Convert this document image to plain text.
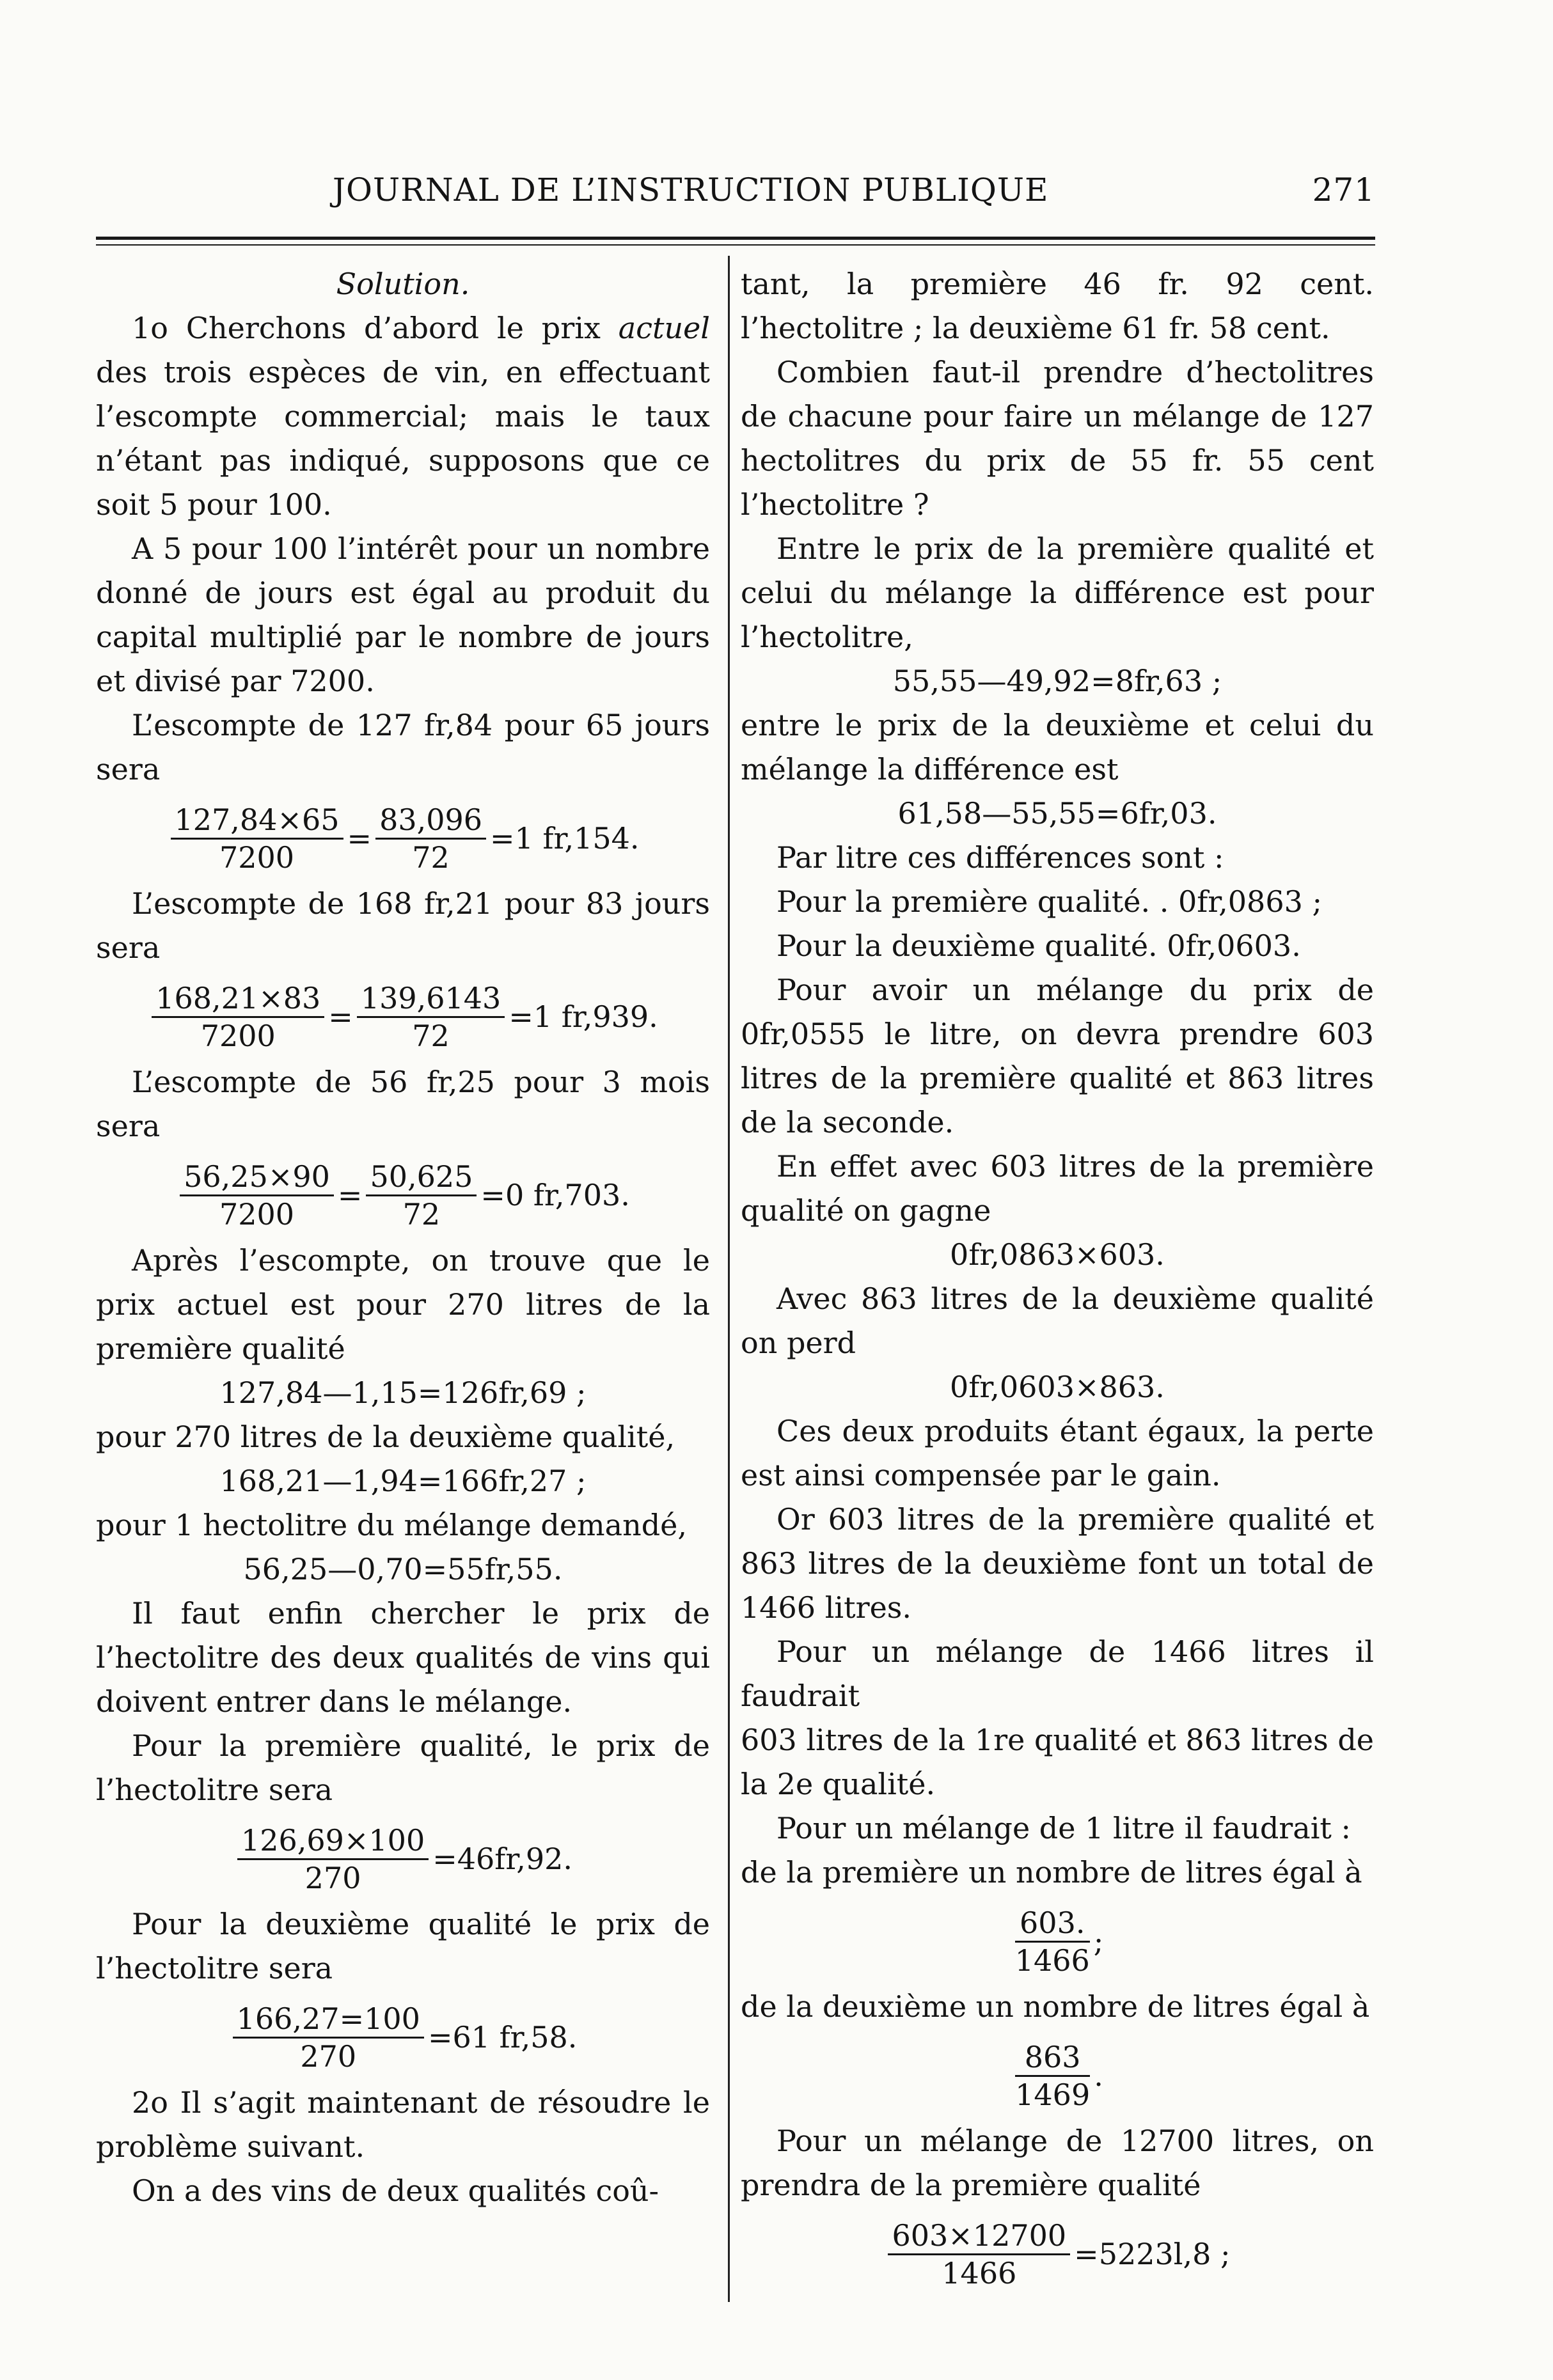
JOURNAL DE L’INSTRUCTION PUBLIQUE	271

Solution.

1o Cherchons d’abord le prix actuel des trois espèces de vin, en effectuant l’escompte commercial; mais le taux n’étant pas indiqué, supposons que ce soit 5 pour 100.

A 5 pour 100 l’intérêt pour un nombre donné de jours est égal au produit du capital multiplié par le nombre de jours et divisé par 7200.

L’escompte de 127 fr,84 pour 65 jours sera

$\frac{127,84\times 65}{7200} = \frac{83,096}{72} =1$ fr,154.

L’escompte de 168 fr,21 pour 83 jours sera

$\frac{168,21\times 83}{7200} = \frac{139,6143}{72} =1$ fr,939.

L’escompte de 56 fr,25 pour 3 mois sera

$\frac{56,25\times 90}{7200} = \frac{50,625}{72} =0$ fr,703.

Après l’escompte, on trouve que le prix actuel est pour 270 litres de la première qualité

127,84—1,15=126fr,69 ;

pour 270 litres de la deuxième qualité,

168,21—1,94=166fr,27 ;

pour 1 hectolitre du mélange demandé,

56,25—0,70=55fr,55.

Il faut enfin chercher le prix de l’hectolitre des deux qualités de vins qui doivent entrer dans le mélange.

Pour la première qualité, le prix de l’hectolitre sera

$\frac{126,69\times 100}{270} =46fr,92$.

Pour la deuxième qualité le prix de l’hectolitre sera

$\frac{166,27=100}{270} =61$ fr,58.

2o Il s’agit maintenant de résoudre le problème suivant.

On a des vins de deux qualités coû-

tant, la première 46 fr. 92 cent. l’hectolitre ; la deuxième 61 fr. 58 cent.

Combien faut-il prendre d’hectolitres de chacune pour faire un mélange de 127 hectolitres du prix de 55 fr. 55 cent l’hectolitre ?

Entre le prix de la première qualité et celui du mélange la différence est pour l’hectolitre,

55,55—49,92=8fr,63 ;

entre le prix de la deuxième et celui du mélange la différence est

61,58—55,55=6fr,03.

Par litre ces différences sont :

Pour la première qualité. . 0fr,0863 ;

Pour la deuxième qualité. 0fr,0603.

Pour avoir un mélange du prix de 0fr,0555 le litre, on devra prendre 603 litres de la première qualité et 863 litres de la seconde.

En effet avec 603 litres de la première qualité on gagne

0fr,0863×603.

Avec 863 litres de la deuxième qualité on perd

0fr,0603×863.

Ces deux produits étant égaux, la perte est ainsi compensée par le gain.

Or 603 litres de la première qualité et 863 litres de la deuxième font un total de 1466 litres.

Pour un mélange de 1466 litres il faudrait

603 litres de la 1re qualité et 863 litres de la 2e qualité.

Pour un mélange de 1 litre il faudrait :

de la première un nombre de litres égal à

$\frac{603.}{1466}$ ;

de la deuxième un nombre de litres égal à

$\frac{863}{1469}$ .

Pour un mélange de 12700 litres, on prendra de la première qualité

$\frac{603\times 12700}{1466} =5223l,8$ ;
